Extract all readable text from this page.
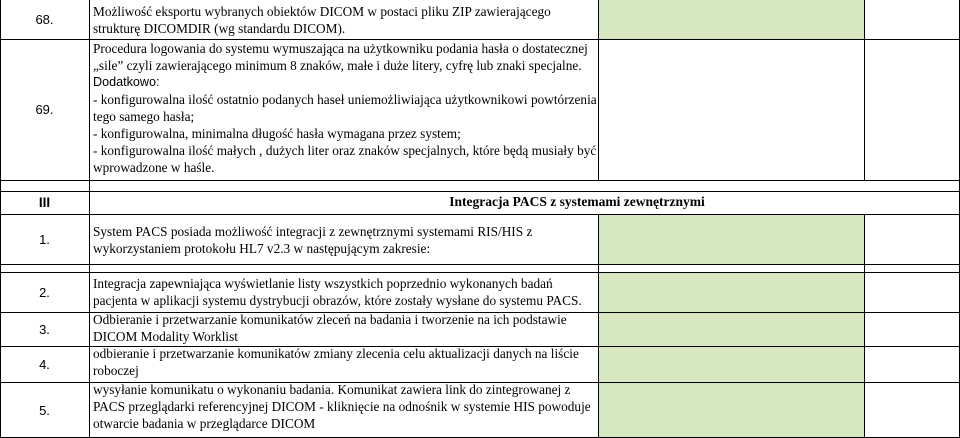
68.
Możliwość eksportu wybranych obiektów DICOM w postaci pliku ZIP zawierającego
strukturę DICOMDIR (wg standardu DICOM).
69.
Procedura logowania do systemu wymuszająca na użytkowniku podania hasła o dostatecznej
„sile” czyli zawierającego minimum 8 znaków, małe i duże litery, cyfrę lub znaki specjalne.
Dodatkowo:
- konfigurowalna ilość ostatnio podanych haseł uniemożliwiająca użytkownikowi powtórzenia
tego samego hasła;
- konfigurowalna, minimalna długość hasła wymagana przez system;
- konfigurowalna ilość małych , dużych liter oraz znaków specjalnych, które będą musiały być
wprowadzone w haśle.
III	Integracja PACS z systemami zewnętrznymi
1.	System PACS posiada możliwość integracji z zewnętrznymi systemami RIS/HIS z
wykorzystaniem protokołu HL7 v2.3 w następującym zakresie:
2.
Integracja zapewniająca wyświetlanie listy wszystkich poprzednio wykonanych badań
pacjenta w aplikacji systemu dystrybucji obrazów, które zostały wysłane do systemu PACS.
3.
Odbieranie i przetwarzanie komunikatów zleceń na badania i tworzenie na ich podstawie
DICOM Modality Worklist
4.
odbieranie i przetwarzanie komunikatów zmiany zlecenia celu aktualizacji danych na liście
roboczej
5.
wysyłanie komunikatu o wykonaniu badania. Komunikat zawiera link do zintegrowanej z
PACS przeglądarki referencyjnej DICOM - kliknięcie na odnośnik w systemie HIS powoduje
otwarcie badania w przeglądarce DICOM
